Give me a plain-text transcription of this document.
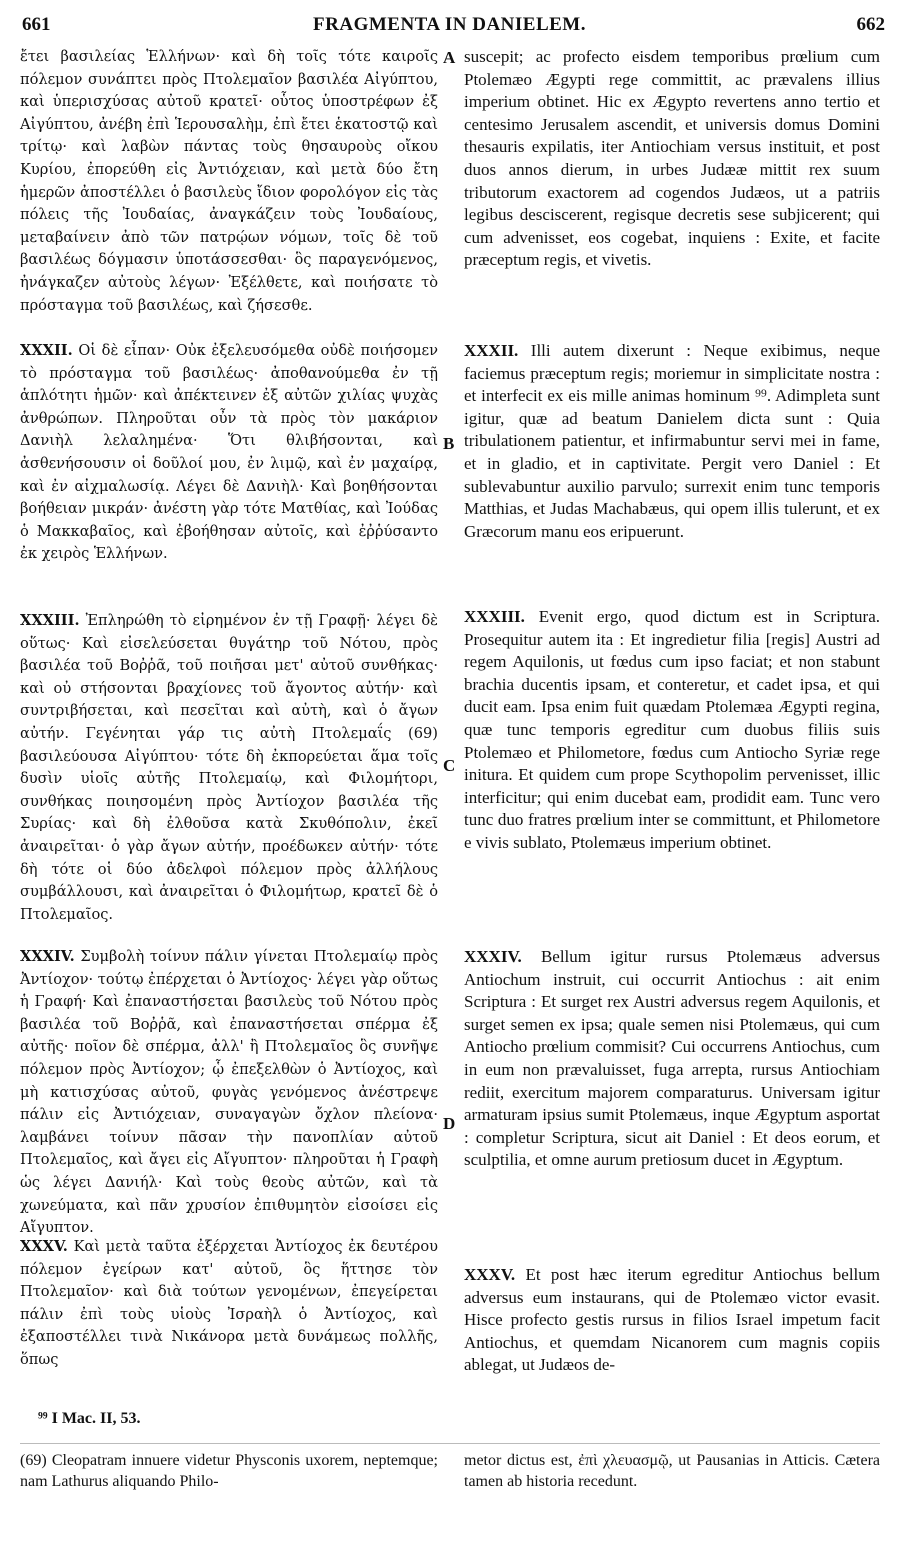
661	FRAGMENTA IN DANIELEM.	662
A
B
C
D

ἔτει βασιλείας Ἑλλήνων· καὶ δὴ τοῖς τότε καιροῖς πόλεμον συνάπτει πρὸς Πτολεμαῖον βασιλέα Αἰγύπτου, καὶ ὑπερισχύσας αὐτοῦ κρατεῖ· οὗτος ὑποστρέφων ἐξ Αἰγύπτου, ἀνέβη ἐπὶ Ἱερουσαλὴμ, ἐπὶ ἔτει ἑκατοστῷ καὶ τρίτῳ· καὶ λαβὼν πάντας τοὺς θησαυροὺς οἴκου Κυρίου, ἐπορεύθη εἰς Ἀντιόχειαν, καὶ μετὰ δύο ἔτη ἡμερῶν ἀποστέλλει ὁ βασιλεὺς ἴδιον φορολόγον εἰς τὰς πόλεις τῆς Ἰουδαίας, ἀναγκάζειν τοὺς Ἰουδαίους, μεταβαίνειν ἀπὸ τῶν πατρῴων νόμων, τοῖς δὲ τοῦ βασιλέως δόγμασιν ὑποτάσσεσθαι· ὃς παραγενόμενος, ἠνάγκαζεν αὐτοὺς λέγων· Ἐξέλθετε, καὶ ποιήσατε τὸ πρόσταγμα τοῦ βασιλέως, καὶ ζήσεσθε.

XXXII. Οἱ δὲ εἶπαν· Οὐκ ἐξελευσόμεθα οὐδὲ ποιήσομεν τὸ πρόσταγμα τοῦ βασιλέως· ἀποθανούμεθα ἐν τῇ ἁπλότητι ἡμῶν· καὶ ἀπέκτεινεν ἐξ αὐτῶν χιλίας ψυχὰς ἀνθρώπων. Πληροῦται οὖν τὰ πρὸς τὸν μακάριον Δανιὴλ λελαλημένα· Ὅτι θλιβήσονται, καὶ ἀσθενήσουσιν οἱ δοῦλοί μου, ἐν λιμῷ, καὶ ἐν μαχαίρᾳ, καὶ ἐν αἰχμαλωσίᾳ. Λέγει δὲ Δανιὴλ· Καὶ βοηθήσονται βοήθειαν μικράν· ἀνέστη γὰρ τότε Ματθίας, καὶ Ἰούδας ὁ Μακκαβαῖος, καὶ ἐβοήθησαν αὐτοῖς, καὶ ἐῤῥύσαντο ἐκ χειρὸς Ἑλλήνων.

XXXIII. Ἐπληρώθη τὸ εἰρημένον ἐν τῇ Γραφῇ· λέγει δὲ οὕτως· Καὶ εἰσελεύσεται θυγάτηρ τοῦ Νότου, πρὸς βασιλέα τοῦ Βοῤῥᾶ, τοῦ ποιῆσαι μετ' αὐτοῦ συνθήκας· καὶ οὐ στήσονται βραχίονες τοῦ ἄγοντος αὐτήν· καὶ συντριβήσεται, καὶ πεσεῖται καὶ αὐτὴ, καὶ ὁ ἄγων αὐτήν. Γεγένηται γάρ τις αὐτὴ Πτολεμαΐς (69) βασιλεύουσα Αἰγύπτου· τότε δὴ ἐκπορεύεται ἅμα τοῖς δυσὶν υἱοῖς αὐτῆς Πτολεμαίῳ, καὶ Φιλομήτορι, συνθήκας ποιησομένη πρὸς Ἀντίοχον βασιλέα τῆς Συρίας· καὶ δὴ ἐλθοῦσα κατὰ Σκυθόπολιν, ἐκεῖ ἀναιρεῖται· ὁ γὰρ ἄγων αὐτήν, προέδωκεν αὐτήν· τότε δὴ τότε οἱ δύο ἀδελφοὶ πόλεμον πρὸς ἀλλήλους συμβάλλουσι, καὶ ἀναιρεῖται ὁ Φιλομήτωρ, κρατεῖ δὲ ὁ Πτολεμαῖος.

XXXIV. Συμβολὴ τοίνυν πάλιν γίνεται Πτολεμαίῳ πρὸς Ἀντίοχον· τούτῳ ἐπέρχεται ὁ Ἀντίοχος· λέγει γὰρ οὕτως ἡ Γραφή· Καὶ ἐπαναστήσεται βασιλεὺς τοῦ Νότου πρὸς βασιλέα τοῦ Βοῤῥᾶ, καὶ ἐπαναστήσεται σπέρμα ἐξ αὐτῆς· ποῖον δὲ σπέρμα, ἀλλ' ἢ Πτολεμαῖος ὃς συνῆψε πόλεμον πρὸς Ἀντίοχον; ᾧ ἐπεξελθὼν ὁ Ἀντίοχος, καὶ μὴ κατισχύσας αὐτοῦ, φυγὰς γενόμενος ἀνέστρεψε πάλιν εἰς Ἀντιόχειαν, συναγαγὼν ὄχλον πλείονα· λαμβάνει τοίνυν πᾶσαν τὴν πανοπλίαν αὐτοῦ Πτολεμαῖος, καὶ ἄγει εἰς Αἴγυπτον· πληροῦται ἡ Γραφὴ ὡς λέγει Δανιήλ· Καὶ τοὺς θεοὺς αὐτῶν, καὶ τὰ χωνεύματα, καὶ πᾶν χρυσίον ἐπιθυμητὸν εἰσοίσει εἰς Αἴγυπτον.

XXXV. Καὶ μετὰ ταῦτα ἐξέρχεται Ἀντίοχος ἐκ δευτέρου πόλεμον ἐγείρων κατ' αὐτοῦ, ὃς ἥττησε τὸν Πτολεμαῖον· καὶ διὰ τούτων γενομένων, ἐπεγείρεται πάλιν ἐπὶ τοὺς υἱοὺς Ἰσραὴλ ὁ Ἀντίοχος, καὶ ἐξαποστέλλει τινὰ Νικάνορα μετὰ δυνάμεως πολλῆς, ὅπως

suscepit; ac profecto eisdem temporibus prœlium cum Ptolemæo Ægypti rege committit, ac prævalens illius imperium obtinet. Hic ex Ægypto revertens anno tertio et centesimo Jerusalem ascendit, et universis domus Domini thesauris expilatis, iter Antiochiam versus instituit, et post duos annos dierum, in urbes Judææ mittit rex suum tributorum exactorem ad cogendos Judæos, ut a patriis legibus desciscerent, regisque decretis sese subjicerent; qui cum advenisset, eos cogebat, inquiens : Exite, et facite præceptum regis, et vivetis.

XXXII. Illi autem dixerunt : Neque exibimus, neque faciemus præceptum regis; moriemur in simplicitate nostra : et interfecit ex eis mille animas hominum ⁹⁹. Adimpleta sunt igitur, quæ ad beatum Danielem dicta sunt : Quia tribulationem patientur, et infirmabuntur servi mei in fame, et in gladio, et in captivitate. Pergit vero Daniel : Et sublevabuntur auxilio parvulo; surrexit enim tunc temporis Matthias, et Judas Machabæus, qui opem illis tulerunt, et ex Græcorum manu eos eripuerunt.

XXXIII. Evenit ergo, quod dictum est in Scriptura. Prosequitur autem ita : Et ingredietur filia [regis] Austri ad regem Aquilonis, ut fœdus cum ipso faciat; et non stabunt brachia ducentis ipsam, et conteretur, et cadet ipsa, et qui ducit eam. Ipsa enim fuit quædam Ptolemæa Ægypti regina, quæ tunc temporis egreditur cum duobus filiis suis Ptolemæo et Philometore, fœdus cum Antiocho Syriæ rege initura. Et quidem cum prope Scythopolim pervenisset, illic interficitur; qui enim ducebat eam, prodidit eam. Tunc vero tunc duo fratres prœlium inter se committunt, et Philometore e vivis sublato, Ptolemæus imperium obtinet.

XXXIV. Bellum igitur rursus Ptolemæus adversus Antiochum instruit, cui occurrit Antiochus : ait enim Scriptura : Et surget rex Austri adversus regem Aquilonis, et surget semen ex ipsa; quale semen nisi Ptolemæus, qui cum Antiocho prœlium commisit? Cui occurrens Antiochus, cum in eum non prævaluisset, fuga arrepta, rursus Antiochiam rediit, exercitum majorem comparaturus. Universam igitur armaturam ipsius sumit Ptolemæus, inque Ægyptum asportat : completur Scriptura, sicut ait Daniel : Et deos eorum, et sculptilia, et omne aurum pretiosum ducet in Ægyptum.

XXXV. Et post hæc iterum egreditur Antiochus bellum adversus eum instaurans, qui de Ptolemæo victor evasit. Hisce profecto gestis rursus in filios Israel impetum facit Antiochus, et quemdam Nicanorem cum magnis copiis ablegat, ut Judæos de-

⁹⁹ I Mac. II, 53.
(69) Cleopatram innuere videtur Physconis uxorem, neptemque; nam Lathurus aliquando Philo-
metor dictus est, ἐπὶ χλευασμῷ, ut Pausanias in Atticis. Cætera tamen ab historia recedunt.
